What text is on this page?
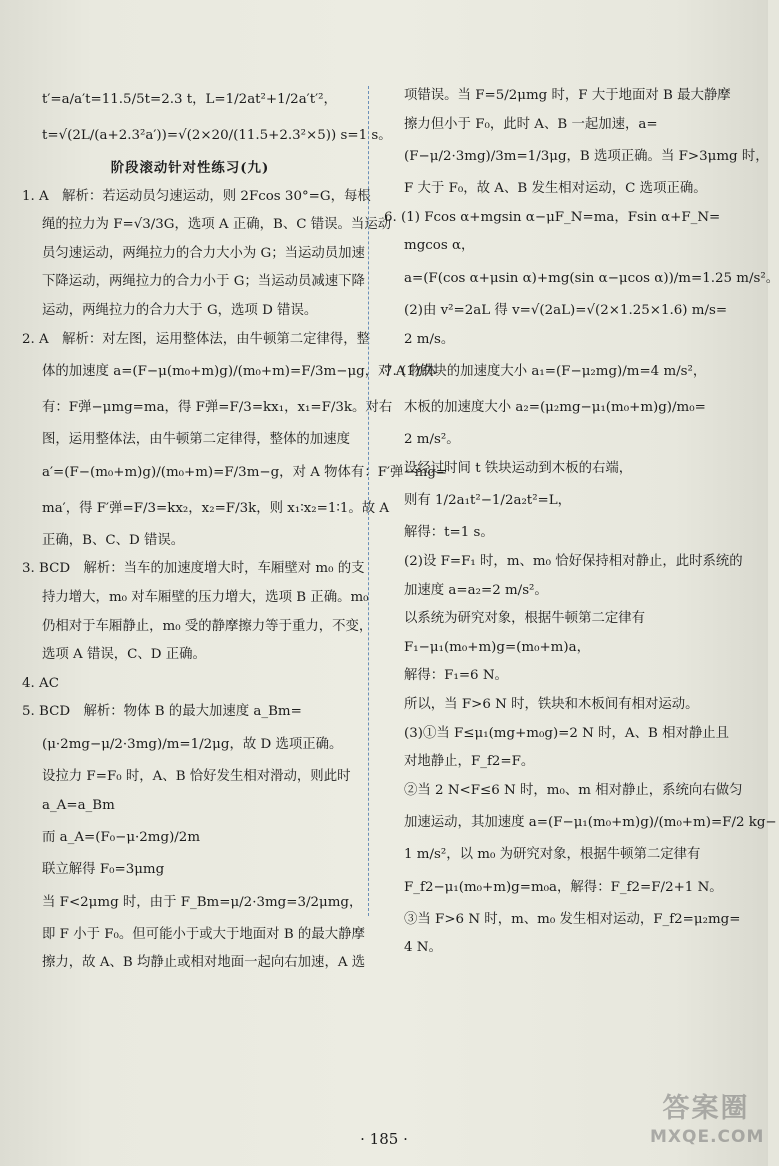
t′=a/a′t=11.5/5t=2.3 t，L=1/2at²+1/2a′t′²，
t=√(2L/(a+2.3²a′))=√(2×20/(11.5+2.3²×5)) s=1 s。
阶段滚动针对性练习(九)
1. A　解析：若运动员匀速运动，则 2Fcos 30°=G，每根
绳的拉力为 F=√3/3G，选项 A 正确，B、C 错误。当运动
员匀速运动，两绳拉力的合力大小为 G；当运动员加速
下降运动，两绳拉力的合力小于 G；当运动员减速下降
运动，两绳拉力的合力大于 G，选项 D 错误。
2. A　解析：对左图，运用整体法，由牛顿第二定律得，整
体的加速度 a=(F−μ(m₀+m)g)/(m₀+m)=F/3m−μg，对 A 物体
有：F弹−μmg=ma，得 F弹=F/3=kx₁，x₁=F/3k。对右
图，运用整体法，由牛顿第二定律得，整体的加速度
a′=(F−(m₀+m)g)/(m₀+m)=F/3m−g，对 A 物体有：F′弹−mg=
ma′，得 F′弹=F/3=kx₂，x₂=F/3k，则 x₁∶x₂=1∶1。故 A
正确，B、C、D 错误。
3. BCD　解析：当车的加速度增大时，车厢壁对 m₀ 的支
持力增大，m₀ 对车厢壁的压力增大，选项 B 正确。m₀
仍相对于车厢静止，m₀ 受的静摩擦力等于重力，不变，
选项 A 错误，C、D 正确。
4. AC
5. BCD　解析：物体 B 的最大加速度 a_Bm=
(μ·2mg−μ/2·3mg)/m=1/2μg，故 D 选项正确。
设拉力 F=F₀ 时，A、B 恰好发生相对滑动，则此时
a_A=a_Bm
而 a_A=(F₀−μ·2mg)/2m
联立解得 F₀=3μmg
当 F<2μmg 时，由于 F_Bm=μ/2·3mg=3/2μmg，
即 F 小于 F₀。但可能小于或大于地面对 B 的最大静摩
擦力，故 A、B 均静止或相对地面一起向右加速，A 选
项错误。当 F=5/2μmg 时，F 大于地面对 B 最大静摩
擦力但小于 F₀，此时 A、B 一起加速，a=
(F−μ/2·3mg)/3m=1/3μg，B 选项正确。当 F>3μmg 时，
F 大于 F₀，故 A、B 发生相对运动，C 选项正确。
6. (1) Fcos α+mgsin α−μF_N=ma，Fsin α+F_N=
mgcos α，
a=(F(cos α+μsin α)+mg(sin α−μcos α))/m=1.25 m/s²。
(2)由 v²=2aL 得 v=√(2aL)=√(2×1.25×1.6) m/s=
2 m/s。
7. (1)铁块的加速度大小 a₁=(F−μ₂mg)/m=4 m/s²，
木板的加速度大小 a₂=(μ₂mg−μ₁(m₀+m)g)/m₀=
2 m/s²。
设经过时间 t 铁块运动到木板的右端，
则有 1/2a₁t²−1/2a₂t²=L，
解得：t=1 s。
(2)设 F=F₁ 时，m、m₀ 恰好保持相对静止，此时系统的
加速度 a=a₂=2 m/s²。
以系统为研究对象，根据牛顿第二定律有
F₁−μ₁(m₀+m)g=(m₀+m)a，
解得：F₁=6 N。
所以，当 F>6 N 时，铁块和木板间有相对运动。
(3)①当 F≤μ₁(mg+m₀g)=2 N 时，A、B 相对静止且
对地静止，F_f2=F。
②当 2 N<F≤6 N 时，m₀、m 相对静止，系统向右做匀
加速运动，其加速度 a=(F−μ₁(m₀+m)g)/(m₀+m)=F/2 kg−
1 m/s²，以 m₀ 为研究对象，根据牛顿第二定律有
F_f2−μ₁(m₀+m)g=m₀a，解得：F_f2=F/2+1 N。
③当 F>6 N 时，m、m₀ 发生相对运动，F_f2=μ₂mg=
4 N。
· 185 ·
答案圈
MXQE.COM
